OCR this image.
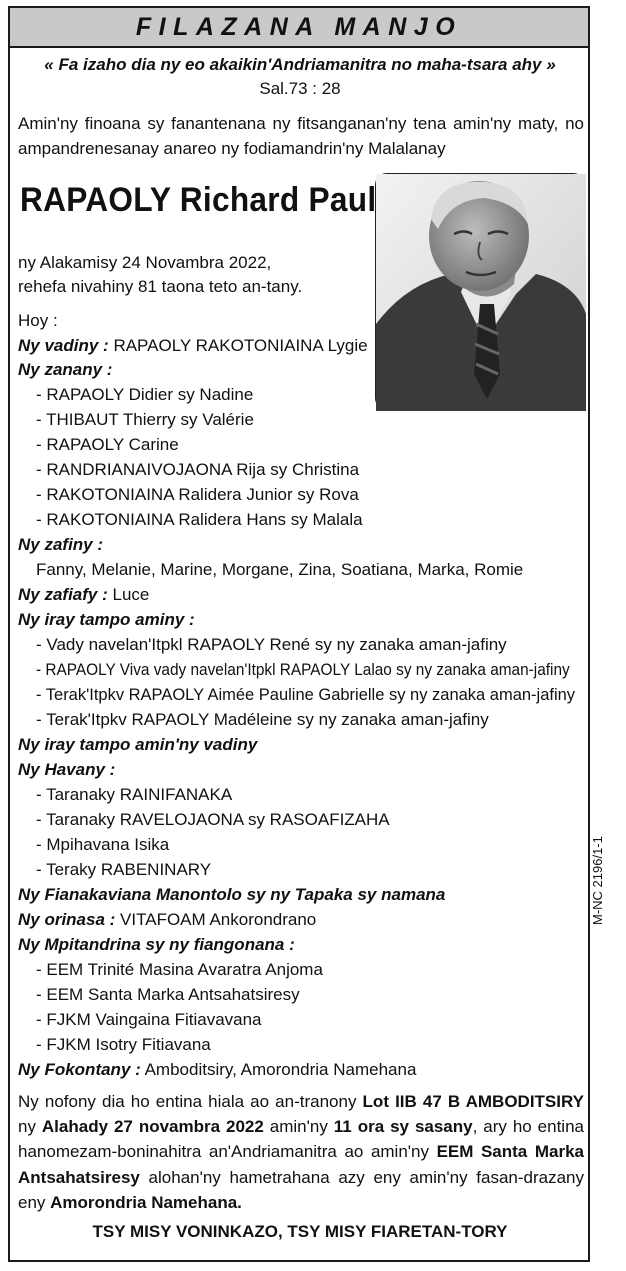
FILAZANA MANJO
« Fa izaho dia ny eo akaikin'Andriamanitra no maha-tsara ahy »
Sal.73 : 28
Amin'ny finoana sy fanantenana ny fitsanganan'ny tena amin'ny maty, no ampandrenesanay anareo ny fodiamandrin'ny Malalanay
RAPAOLY Richard Paul
ny Alakamisy 24 Novambra 2022,
rehefa nivahiny 81 taona teto an-tany.
Hoy :
Ny vadiny : RAPAOLY RAKOTONIAINA Lygie
Ny zanany :
- RAPAOLY Didier sy Nadine
- THIBAUT Thierry sy Valérie
- RAPAOLY Carine
- RANDRIANAIVOJAONA Rija sy Christina
- RAKOTONIAINA Ralidera Junior sy Rova
- RAKOTONIAINA Ralidera Hans sy Malala
Ny zafiny :
Fanny, Melanie, Marine, Morgane, Zina, Soatiana, Marka, Romie
Ny zafiafy : Luce
Ny iray tampo aminy :
- Vady navelan'Itpkl RAPAOLY René sy ny zanaka aman-jafiny
- RAPAOLY Viva vady navelan'Itpkl RAPAOLY Lalao sy ny zanaka aman-jafiny
- Terak'Itpkv RAPAOLY Aimée Pauline Gabrielle sy ny zanaka aman-jafiny
- Terak'Itpkv RAPAOLY Madéleine sy ny zanaka aman-jafiny
Ny iray tampo amin'ny vadiny
Ny Havany :
- Taranaky RAINIFANAKA
- Taranaky RAVELOJAONA sy RASOAFIZAHA
- Mpihavana Isika
- Teraky RABENINARY
Ny Fianakaviana Manontolo sy ny Tapaka sy namana
Ny orinasa : VITAFOAM Ankorondrano
Ny Mpitandrina sy ny fiangonana :
- EEM Trinité Masina Avaratra Anjoma
- EEM Santa Marka Antsahatsiresy
- FJKM Vaingaina Fitiavavana
- FJKM Isotry Fitiavana
Ny Fokontany : Amboditsiry, Amorondria Namehana
Ny nofony dia ho entina hiala ao an-tranony Lot IIB 47 B AMBODITSIRY ny Alahady 27 novambra 2022 amin'ny 11 ora sy sasany, ary ho entina hanomezam-boninahitra an'Andriamanitra ao amin'ny EEM Santa Marka Antsahatsiresy alohan'ny hametrahana azy eny amin'ny fasan-drazany eny Amorondria Namehana.
TSY MISY VONINKAZO, TSY MISY FIARETAN-TORY
M-NC 2196/1-1
